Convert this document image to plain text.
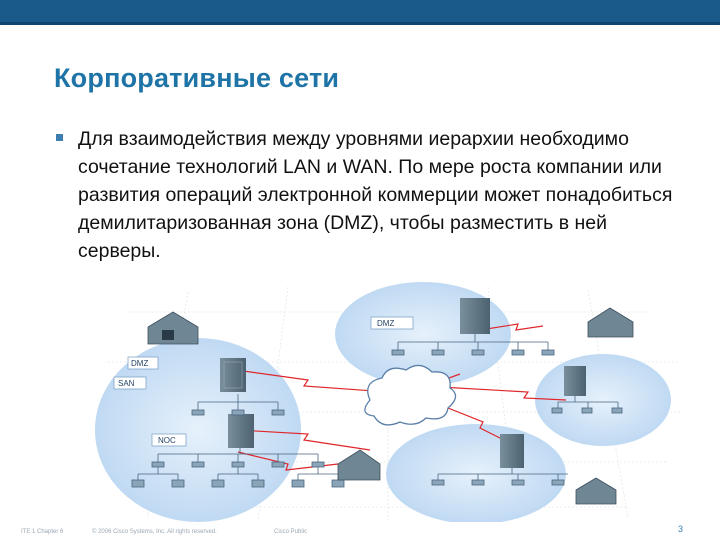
Корпоративные сети
Для взаимодействия между уровнями иерархии необходимо сочетание технологий LAN и WAN. По мере роста компании или развития операций электронной коммерции может понадобиться демилитаризованная зона (DMZ), чтобы разместить в ней серверы.
DMZ
DMZ
SAN
NOC
ITE 1 Chapter 6	© 2006 Cisco Systems, Inc. All rights reserved.	Cisco Public	3
